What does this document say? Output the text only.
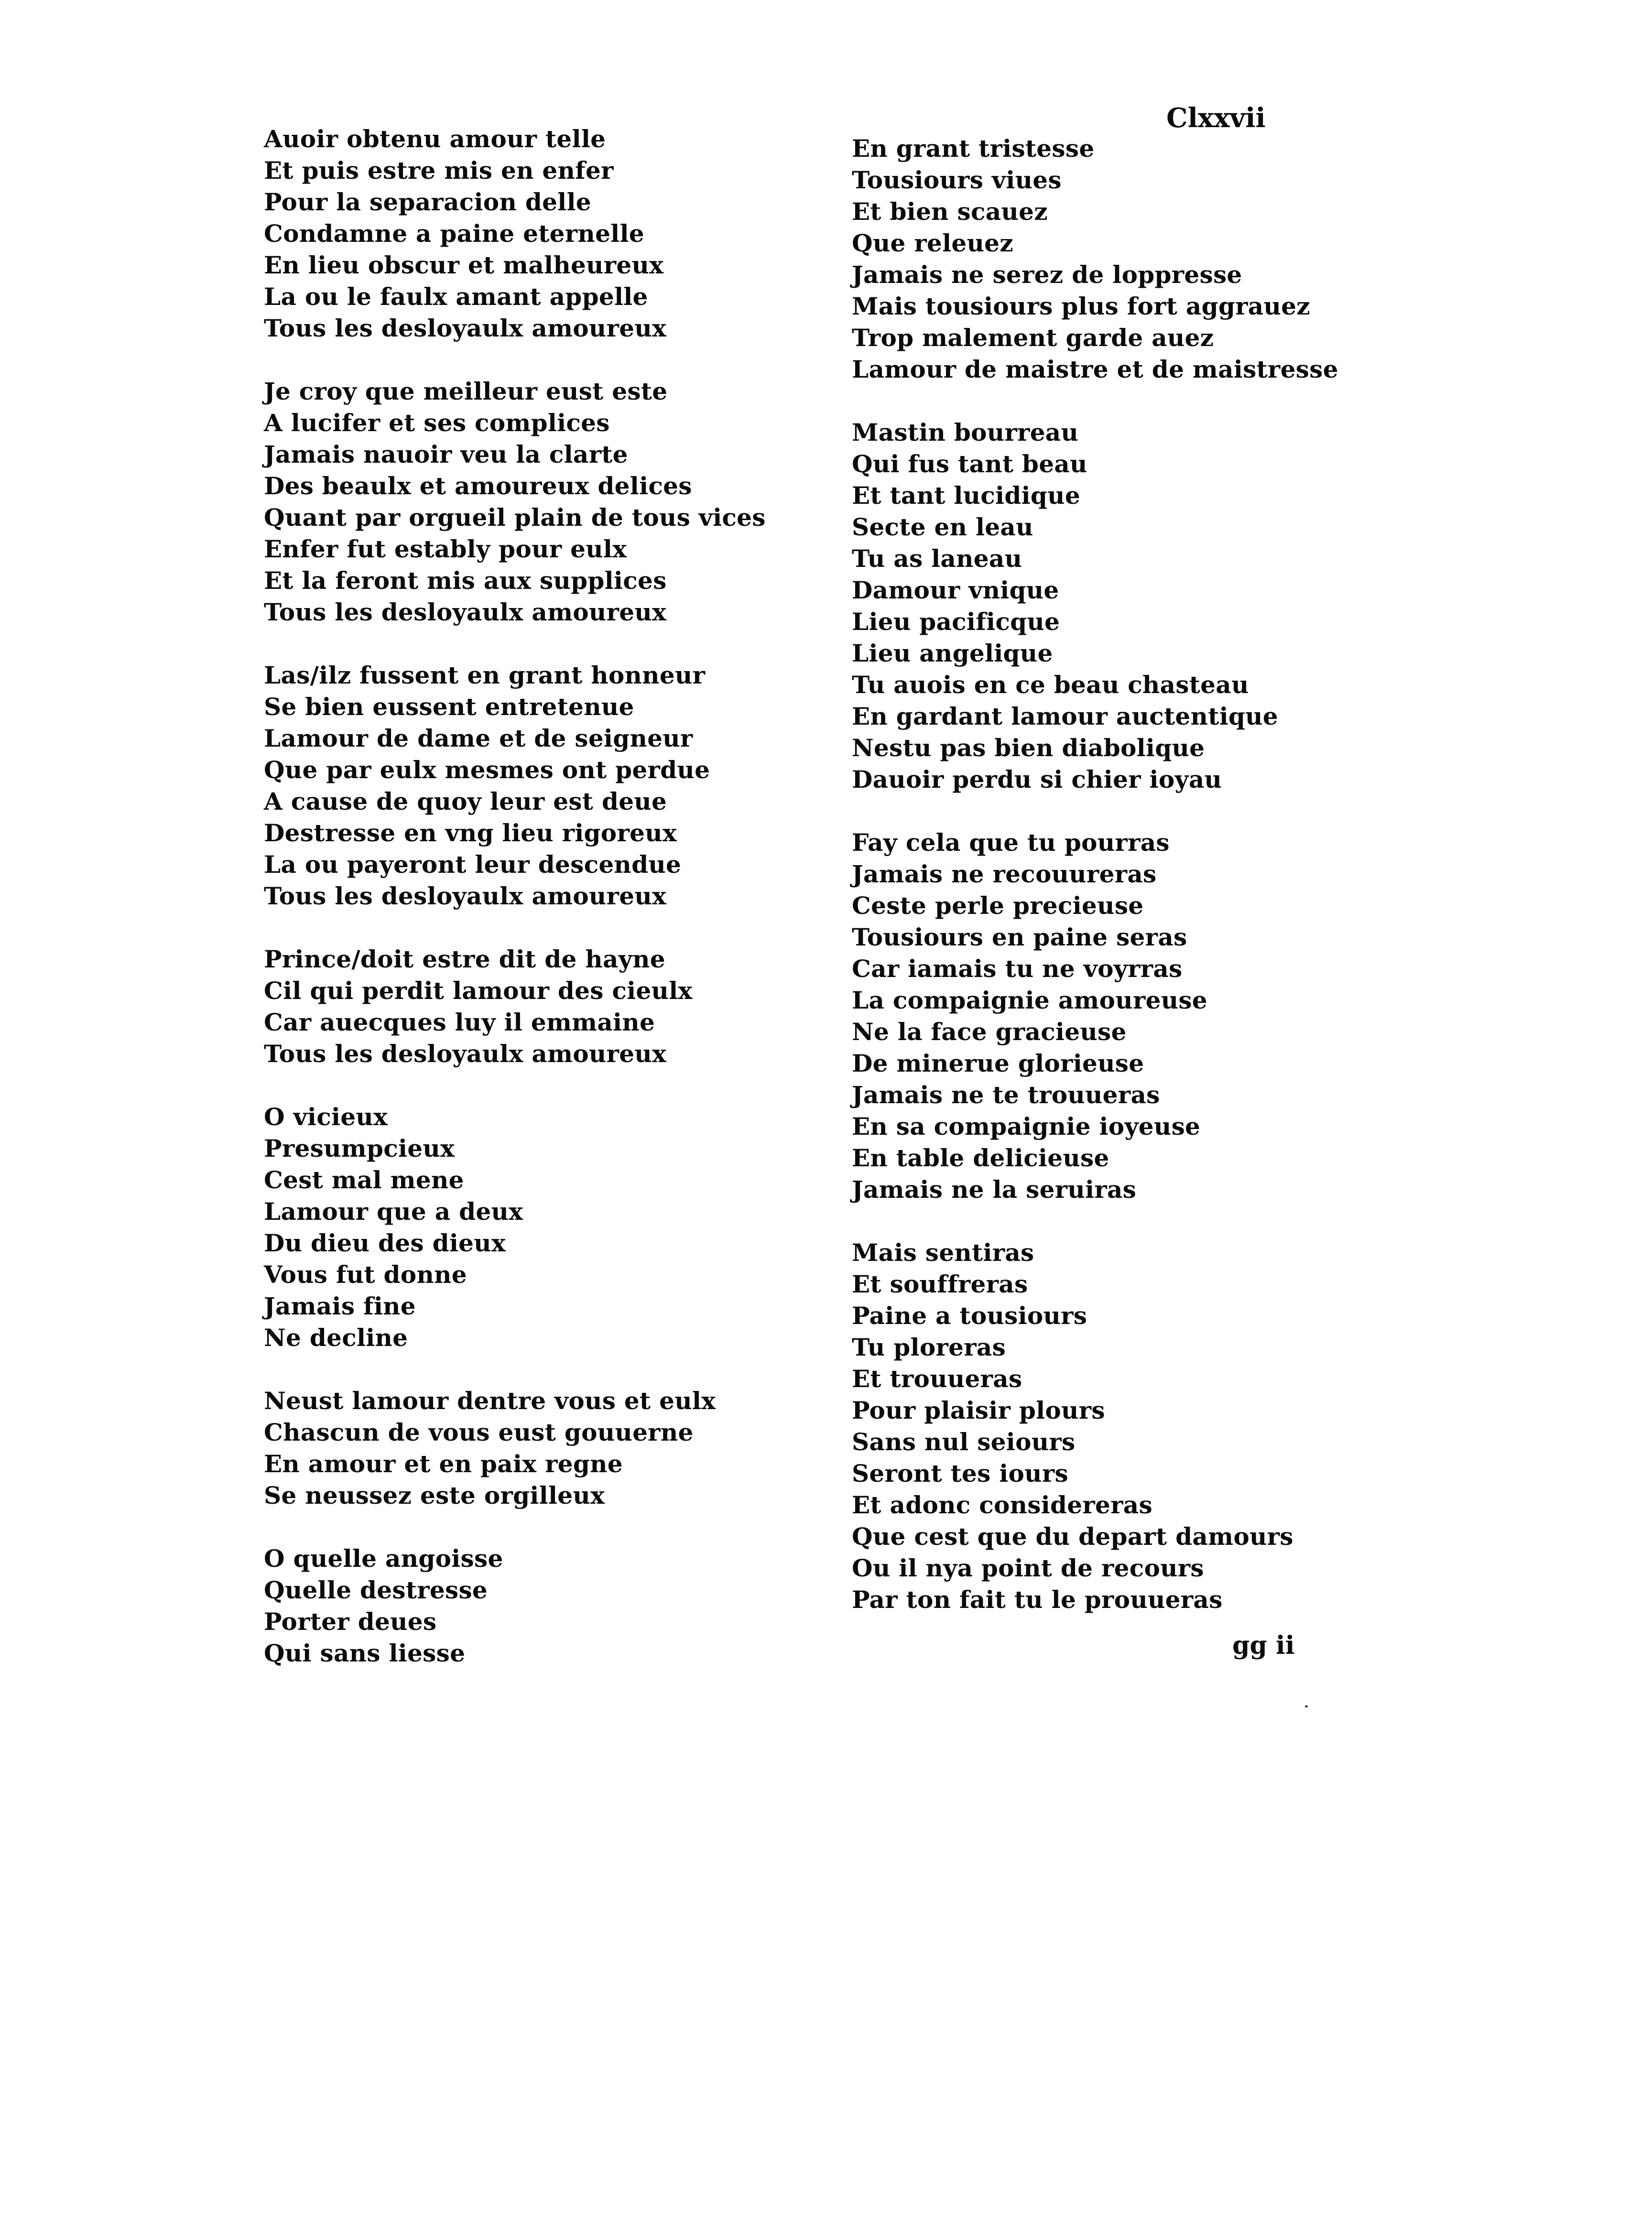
Clxxvii
Auoir obtenu amour telle
Et puis estre mis en enfer
Pour la separacion delle
Condamne a paine eternelle
En lieu obscur et malheureux
La ou le faulx amant appelle
Tous les desloyaulx amoureux
Je croy que meilleur eust este
A lucifer et ses complices
Jamais nauoir veu la clarte
Des beaulx et amoureux delices
Quant par orgueil plain de tous vices
Enfer fut estably pour eulx
Et la feront mis aux supplices
Tous les desloyaulx amoureux
Las/ilz fussent en grant honneur
Se bien eussent entretenue
Lamour de dame et de seigneur
Que par eulx mesmes ont perdue
A cause de quoy leur est deue
Destresse en vng lieu rigoreux
La ou payeront leur descendue
Tous les desloyaulx amoureux
Prince/doit estre dit de hayne
Cil qui perdit lamour des cieulx
Car auecques luy il emmaine
Tous les desloyaulx amoureux
O vicieux
Presumpcieux
Cest mal mene
Lamour que a deux
Du dieu des dieux
Vous fut donne
Jamais fine
Ne decline
Neust lamour dentre vous et eulx
Chascun de vous eust gouuerne
En amour et en paix regne
Se neussez este orgilleux
O quelle angoisse
Quelle destresse
Porter deues
Qui sans liesse
En grant tristesse
Tousiours viues
Et bien scauez
Que releuez
Jamais ne serez de loppresse
Mais tousiours plus fort aggrauez
Trop malement garde auez
Lamour de maistre et de maistresse
Mastin bourreau
Qui fus tant beau
Et tant lucidique
Secte en leau
Tu as laneau
Damour vnique
Lieu pacificque
Lieu angelique
Tu auois en ce beau chasteau
En gardant lamour auctentique
Nestu pas bien diabolique
Dauoir perdu si chier ioyau
Fay cela que tu pourras
Jamais ne recouureras
Ceste perle precieuse
Tousiours en paine seras
Car iamais tu ne voyrras
La compaignie amoureuse
Ne la face gracieuse
De minerue glorieuse
Jamais ne te trouueras
En sa compaignie ioyeuse
En table delicieuse
Jamais ne la seruiras
Mais sentiras
Et souffreras
Paine a tousiours
Tu ploreras
Et trouueras
Pour plaisir plours
Sans nul seiours
Seront tes iours
Et adonc considereras
Que cest que du depart damours
Ou il nya point de recours
Par ton fait tu le prouueras
gg ii
